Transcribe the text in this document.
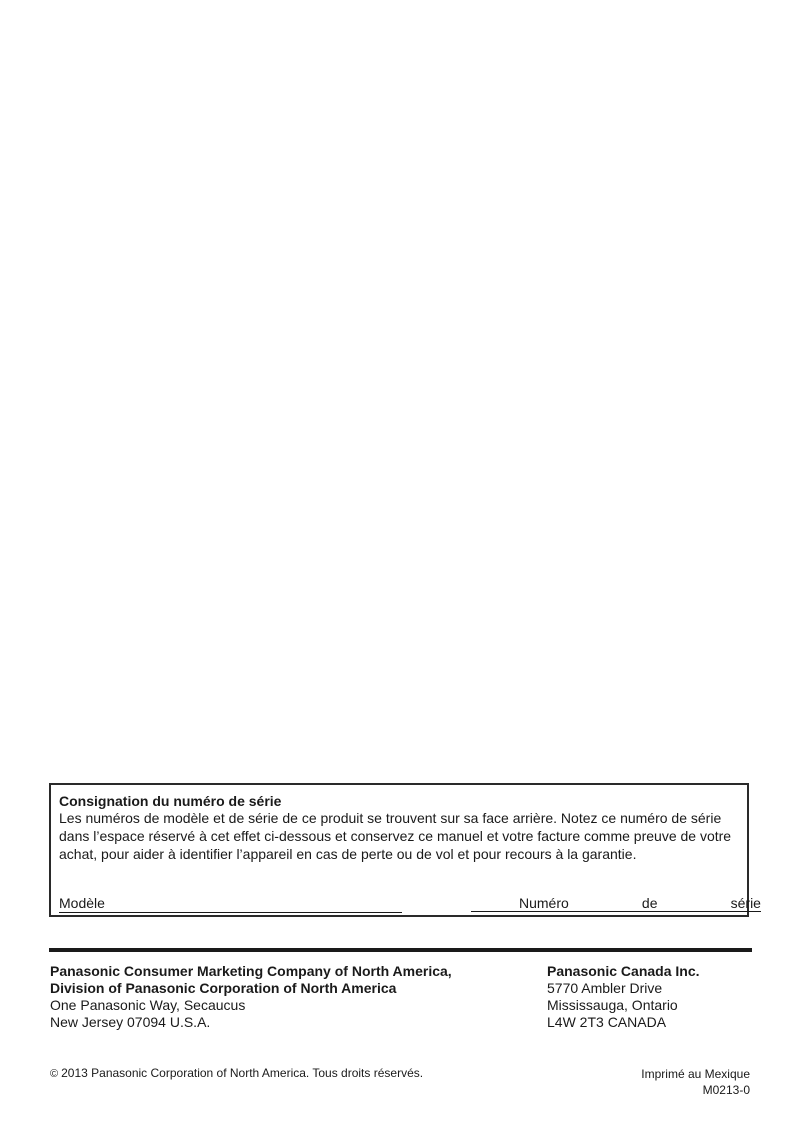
Consignation du numéro de série
Les numéros de modèle et de série de ce produit se trouvent sur sa face arrière. Notez ce numéro de série dans l’espace réservé à cet effet ci-dessous et conservez ce manuel et votre facture comme preuve de votre achat, pour aider à identifier l’appareil en cas de perte ou de vol et pour recours à la garantie.
Modèle	Numéro	de	série
Panasonic Consumer Marketing Company of North America,
Division of Panasonic Corporation of North America
One Panasonic Way, Secaucus
New Jersey 07094 U.S.A.
Panasonic Canada Inc.
5770 Ambler Drive
Mississauga, Ontario
L4W 2T3 CANADA
© 2013 Panasonic Corporation of North America. Tous droits réservés.	Imprimé au Mexique
M0213-0
